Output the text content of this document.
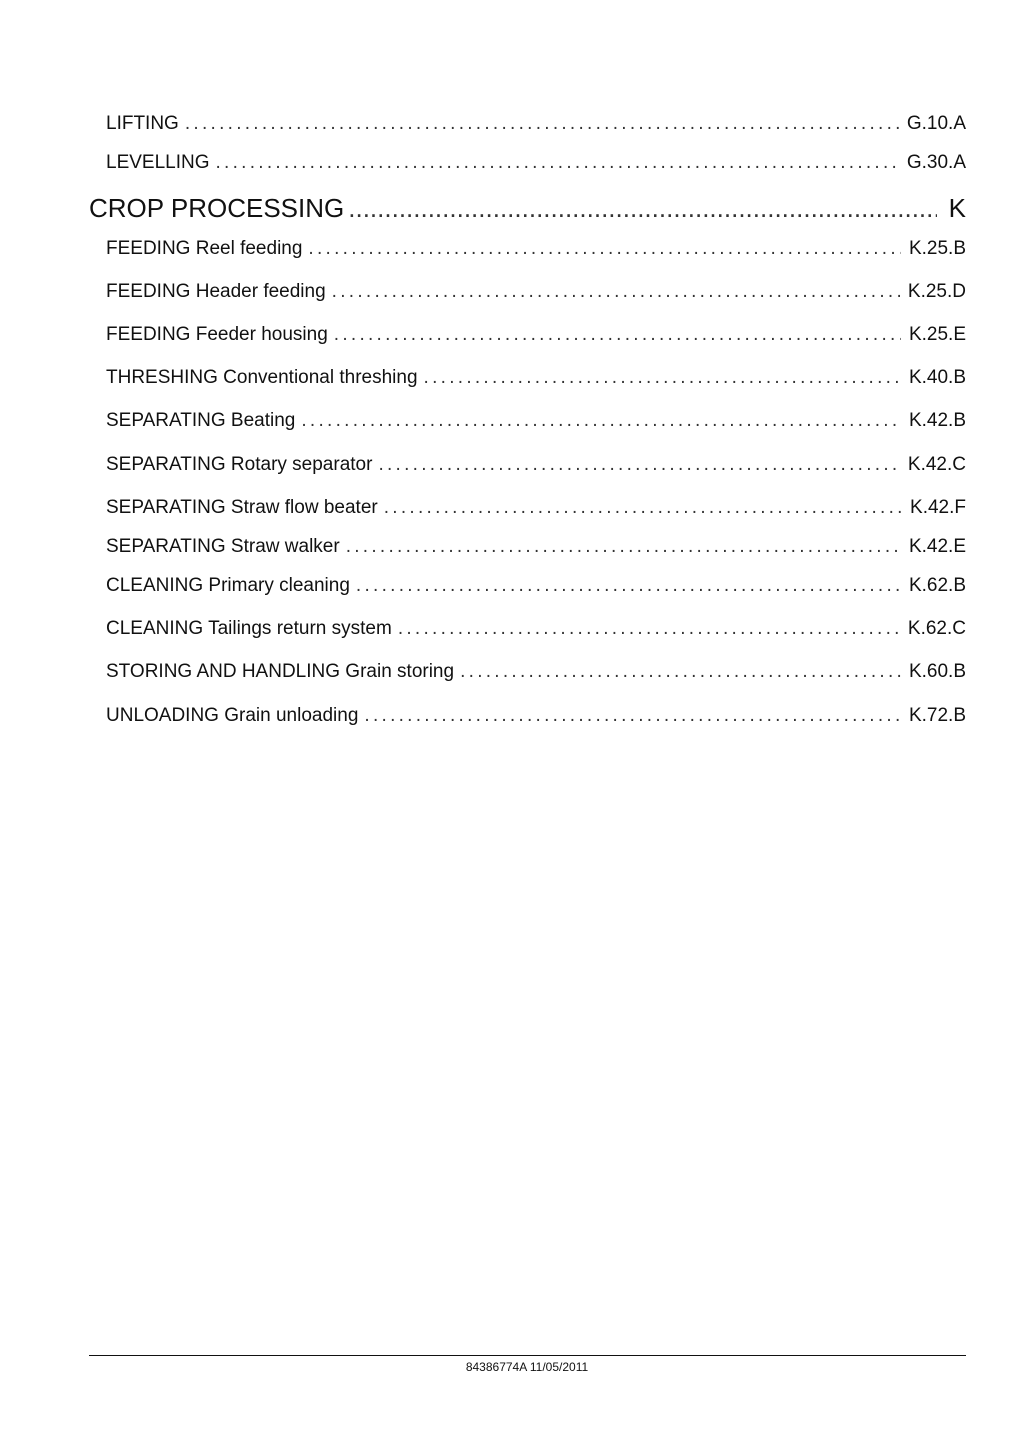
LIFTING . . .	G.10.A
LEVELLING . . .	G.30.A
CROP PROCESSING .....	K
FEEDING Reel feeding . . .	K.25.B
FEEDING Header feeding . . .	K.25.D
FEEDING Feeder housing . . .	K.25.E
THRESHING Conventional threshing . . .	K.40.B
SEPARATING Beating . . .	K.42.B
SEPARATING Rotary separator . . .	K.42.C
SEPARATING Straw flow beater . . .	K.42.F
SEPARATING Straw walker . . .	K.42.E
CLEANING Primary cleaning . . .	K.62.B
CLEANING Tailings return system . . .	K.62.C
STORING AND HANDLING Grain storing . . .	K.60.B
UNLOADING Grain unloading . . .	K.72.B
84386774A 11/05/2011
